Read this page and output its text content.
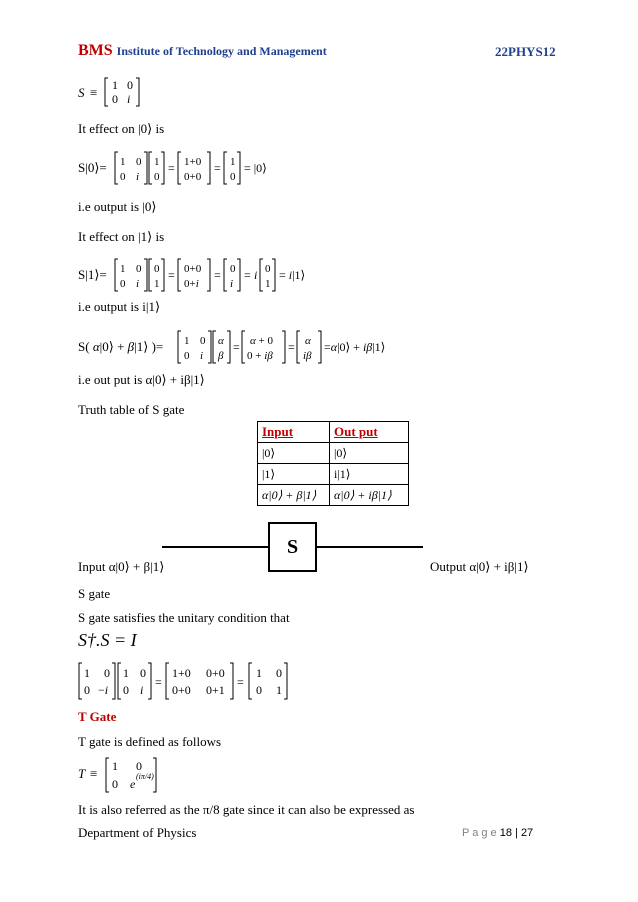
BMS Institute of Technology and Management	22PHYS12
S ≡ 1 0
0 i
It effect on |0⟩ is
S|0⟩= 1 0
0 i
1
0
= 1+0
0+0
= 1
0
= |0⟩
i.e output is |0⟩
It effect on |1⟩ is
S|1⟩= 1 0
0 i
0
1
= 0+0
0+i
= 0
i
= i 0
1
= i|1⟩
i.e output is i|1⟩
S( α|0⟩ + β|1⟩ )= 1 0
0 i
α
β
= α + 0
0 + iβ
= α
iβ
=α|0⟩ + iβ|1⟩
i.e out put is α|0⟩ + iβ|1⟩
Truth table of S gate
Input	Out put
|0⟩	|0⟩
|1⟩	i|1⟩
α|0⟩ + β|1⟩	α|0⟩ + iβ|1⟩
S
Input α|0⟩ + β|1⟩	Output α|0⟩ + iβ|1⟩
S gate
S gate satisfies the unitary condition that
S†.S = I
1 0
0 −i
1 0
0 i
=
1+0 0+0
0+0 0+1
=
1 0
0 1
T Gate
T gate is defined as follows
T ≡ 1 0
0 e
(iπ/4)
It is also referred as the π/8 gate since it can also be expressed as
Department of Physics	P a g e 18 | 27
